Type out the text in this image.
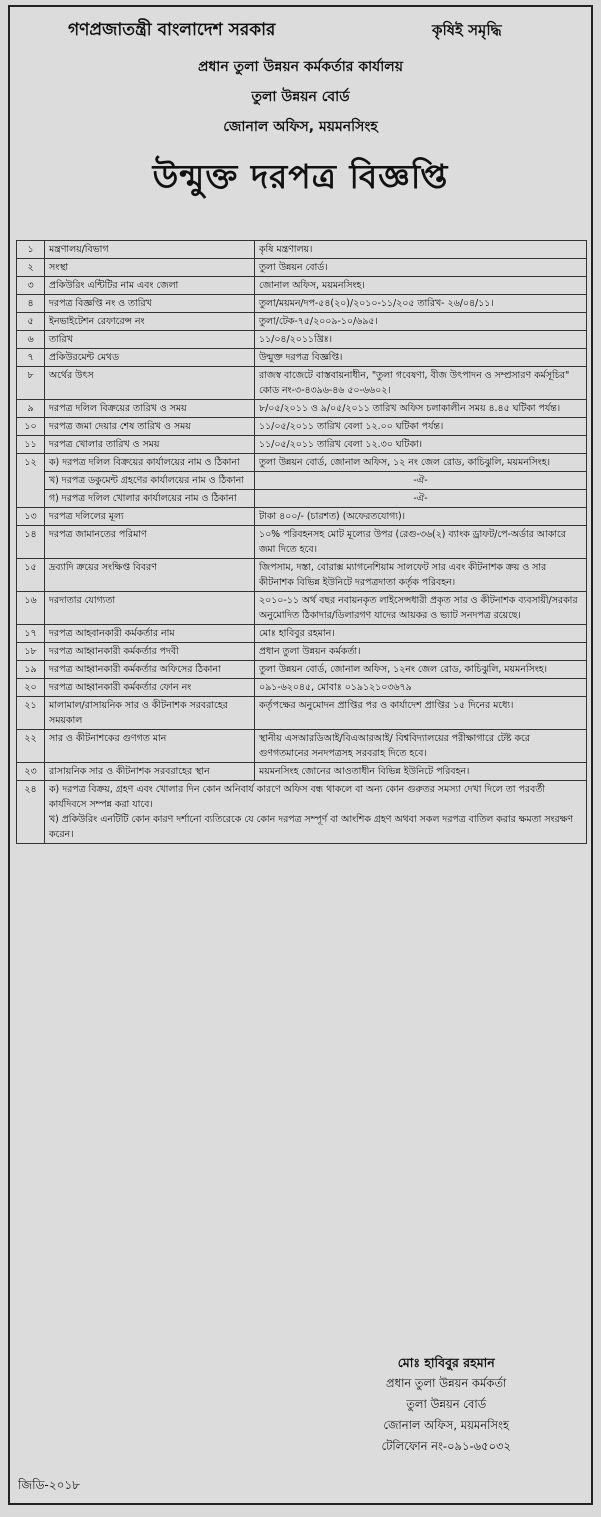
গণপ্রজাতন্ত্রী বাংলাদেশ সরকার	কৃষিই সমৃদ্ধি
প্রধান তুলা উন্নয়ন কর্মকর্তার কার্যালয়
তুলা উন্নয়ন বোর্ড
জোনাল অফিস, ময়মনসিংহ
উন্মুক্ত দরপত্র বিজ্ঞপ্তি
১	মন্ত্রণালয়/বিভাগ	কৃষি মন্ত্রণালয়।
২	সংস্থা	তুলা উন্নয়ন বোর্ড।
৩	প্রকিউরিং এন্টিটির নাম এবং জেলা	জোনাল অফিস, ময়মনসিংহ।
৪	দরপত্র বিজ্ঞপ্তি নং ও তারিখ	তুলা/ময়মন/দপ-৫৪(২০)/২০১০-১১/২০৫ তারিখ- ২৬/০৪/১১।
৫	ইনভাইটেশন রেফারেন্স নং	তুলা/টেক-৭৫/২০০৯-১০/৬৯৫।
৬	তারিখ	১১/০৪/২০১১খ্রিঃ।
৭	প্রকিউরমেন্ট মেথড	উন্মুক্ত দরপত্র বিজ্ঞপ্তি।
৮	অর্থের উৎস	রাজস্ব বাজেটে বাস্তবায়নাধীন, "তুলা গবেষণা, বীজ উৎপাদন ও সম্প্রসারণ কর্মসূচির" কোড নং-৩-৪৩৯৬-৪৬ ৫০-৬৬০২।
৯	দরপত্র দলিল বিক্রয়ের তারিখ ও সময়	৮/০৫/২০১১ ও ৯/০৫/২০১১ তারিখ অফিস চলাকালীন সময় ৪.৪৫ ঘটিকা পর্যন্ত।
১০	দরপত্র জমা দেয়ার শেষ তারিখ ও সময়	১১/০৫/২০১১ তারিখ বেলা ১২.০০ ঘটিকা পর্যন্ত।
১১	দরপত্র খোলার তারিখ ও সময়	১১/০৫/২০১১ তারিখ বেলা ১২.৩০ ঘটিকা।
১২	ক) দরপত্র দলিল বিক্রয়ের কার্যালয়ের নাম ও ঠিকানা	তুলা উন্নয়ন বোর্ড, জোনাল অফিস, ১২ নং জেল রোড, কাচিঝুলি, ময়মনসিংহ।
	খ) দরপত্র ডকুমেন্ট গ্রহণের কার্যালয়ের নাম ও ঠিকানা	-ঐ-
	গ) দরপত্র দলিল খোলার কার্যালয়ের নাম ও ঠিকানা	-ঐ-
১৩	দরপত্র দলিলের মূল্য	টাকা ৪০০/- (চারশত) (অফেরতযোগ্য)।
১৪	দরপত্র জামানতের পরিমাণ	১০% পরিবহনসহ মোট মূল্যের উপর (রেগু-৩৬(২) ব্যাংক ড্রাফট/পে-অর্ডার আকারে জমা দিতে হবে।
১৫	দ্রব্যাদি ক্রয়ের সংক্ষিপ্ত বিবরণ	জিপসাম, দস্তা, বোরাক্স ম্যাগনেশিয়াম সালফেট সার এবং কীটনাশক ক্রয় ও সার কীটনাশক বিভিন্ন ইউনিটে দরপত্রদাতা কর্তৃক পরিবহন।
১৬	দরদাতার যোগ্যতা	২০১০-১১ অর্থ বছর নবায়নকৃত লাইসেন্সধারী প্রকৃত সার ও কীটনাশক ব্যবসায়ী/সরকার অনুমোদিত ঠিকাদার/ডিলারগণ যাদের আয়কর ও ভ্যাট সনদপত্র রয়েছে।
১৭	দরপত্র আহবানকারী কর্মকর্তার নাম	মোঃ হাবিবুর রহমান।
১৮	দরপত্র আহ্বানকারী কর্মকর্তার পদবী	প্রধান তুলা উন্নয়ন কর্মকর্তা।
১৯	দরপত্র আহ্বানকারী কর্মকর্তার অফিসের ঠিকানা	তুলা উন্নয়ন বোর্ড, জোনাল অফিস, ১২নং জেল রোড, কাচিঝুলি, ময়মনসিংহ।
২০	দরপত্র আহ্বানকারী কর্মকর্তার ফোন নং	০৯১-৬২০৪৫, মোবাঃ ০১৯১২১০৩৬৭৯
২১	মালামাল/রাসায়নিক সার ও কীটনাশক সরবরাহের সময়কাল	কর্তৃপক্ষের অনুমোদন প্রাপ্তির পর ও কার্যাদেশ প্রাপ্তির ১৫ দিনের মধ্যে।
২২	সার ও কীটনাশকের গুণগত মান	স্থানীয় এসআরডিআই/বিএআরআই/ বিশ্ববিদ্যালয়ের পরীক্ষাগারে টেষ্ট করে গুণগতমানের সনদপত্রসহ সরবরাহ দিতে হবে।
২৩	রাসায়নিক সার ও কীটনাশক সরবরাহের স্থান	ময়মনসিংহ জোনের আওতাধীন বিভিন্ন ইউনিটে পরিবহন।
২৪	ক) দরপত্র বিক্রয়, গ্রহণ এবং খোলার দিন কোন অনিবার্য কারণে অফিস বন্ধ থাকলে বা অন্য কোন গুরুতর সমস্যা দেখা দিলে তা পরবর্তী কার্যদিবসে সম্পন্ন করা যাবে।
খ) প্রকিউরিং এনটিটি কোন কারণ দর্শানো ব্যতিরেকে যে কোন দরপত্র সম্পূর্ণ বা আংশিক গ্রহণ অথবা সকল দরপত্র বাতিল করার ক্ষমতা সংরক্ষণ করেন।	
মোঃ হাবিবুর রহমান
প্রধান তুলা উন্নয়ন কর্মকর্তা
তুলা উন্নয়ন বোর্ড
জোনাল অফিস, ময়মনসিংহ
টেলিফোন নং-০৯১-৬৫০৩২
জিডি-২০১৮
